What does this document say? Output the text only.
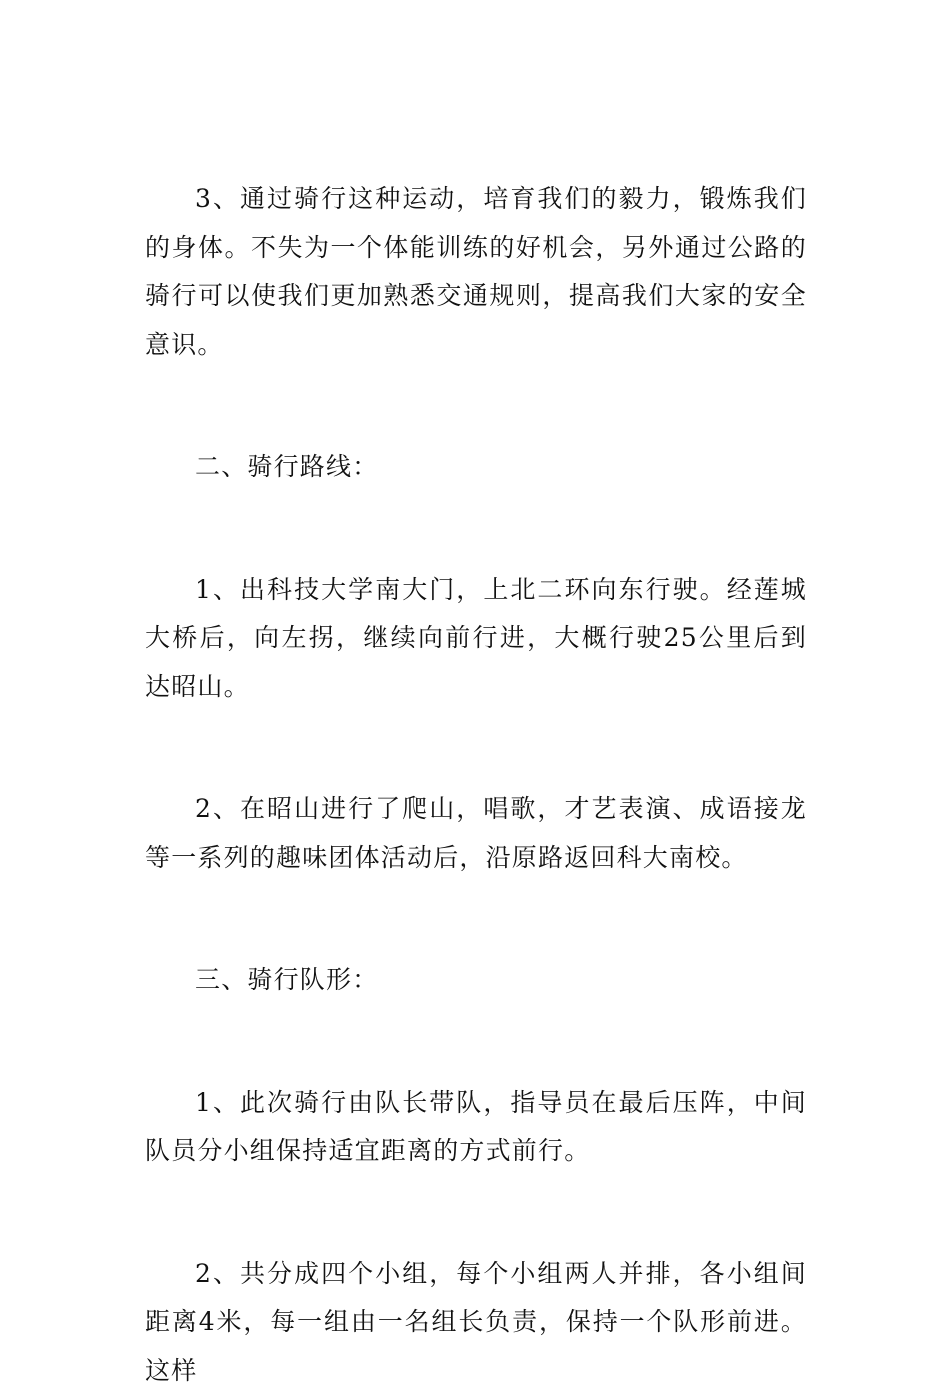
3、通过骑行这种运动，培育我们的毅力，锻炼我们的身体。不失为一个体能训练的好机会，另外通过公路的骑行可以使我们更加熟悉交通规则，提高我们大家的安全意识。

二、骑行路线：

1、出科技大学南大门，上北二环向东行驶。经莲城大桥后，向左拐，继续向前行进，大概行驶25公里后到达昭山。

2、在昭山进行了爬山，唱歌，才艺表演、成语接龙等一系列的趣味团体活动后，沿原路返回科大南校。

三、骑行队形：

1、此次骑行由队长带队，指导员在最后压阵，中间队员分小组保持适宜距离的方式前行。

2、共分成四个小组，每个小组两人并排，各小组间距离4米，每一组由一名组长负责，保持一个队形前进。这样
